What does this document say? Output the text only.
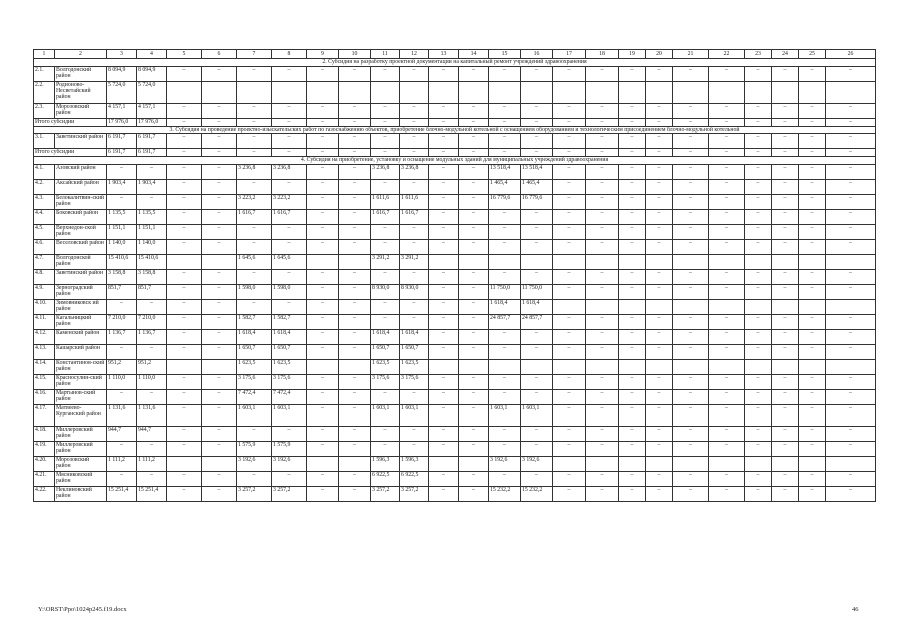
1	2	3	4	5	6	7	8	9	10	11	12	13	14	15	16	17	18	19	20	21	22	23	24	25	26
2. Субсидия на разработку проектной документации на капитальный ремонт учреждений здравоохранения																									
2.1.	Волгодонский район	8 094,9	8 094,9	–	–	–	–	–	–	–	–	–	–	–	–	–	–	–	–	–	–	–	–	–	–
2.2.	Родионово-Несветайский район	5 724,0	5 724,0																						
2.3.	Морозовский район	4 157,1	4 157,1	–	–	–	–	–	–	–	–	–	–	–	–	–	–	–	–	–	–	–	–	–	–
Итого субсидии		17 976,0	17 976,0	–	–	–	–	–	–	–	–	–	–	–	–	–	–	–	–	–	–	–	–	–	–
3. Субсидия на проведение проектно-изыскательских работ по газоснабжению объектов, приобретение блочно-модульной котельной с оснащением оборудованием и технологическим присоединением блочно-модульной котельной																									
3.1.	Заветинский район	6 191,7	6 191,7	–	–	–	–	–	–	–	–	–	–	–	–	–	–	–	–	–	–	–	–	–	–
Итого субсидии		6 191,7	6 191,7	–	–	–	–	–	–	–	–	–	–	–	–	–	–	–	–	–	–	–	–	–	–
4. Субсидия на приобретение, установку и оснащение модульных зданий для муниципальных учреждений здравоохранения																									
4.1.	Азовский район	–	–	–	–	3 236,8	3 236,8	–	–	3 236,8	3 236,8	–	–	13 518,4	13 518,4	–	–	–	–	–	–	–	–	–	–
4.2.	Аксайский район	1 903,4	1 903,4	–	–	–	–	–	–	–	–	–	–	1 465,4	1 465,4	–	–	–	–	–	–	–	–	–	–
4.3.	Белокалитвин-ский район	–	–	–	–	3 223,2	3 223,2	–	–	1 611,6	1 611,6	–	–	16 779,6	16 779,6	–	–	–	–	–	–	–	–	–	–
4.4.	Боковский район	1 135,5	1 135,5	–	–	1 616,7	1 616,7	–	–	1 616,7	1 616,7	–	–	–	–	–	–	–	–	–	–	–	–	–	–
4.5.	Верхнедон-ской район	1 151,1	1 151,1	–	–	–	–	–	–	–	–	–	–	–	–	–	–	–	–	–	–	–	–	–	–
4.6.	Веселовский район	1 140,0	1 140,0	–	–	–	–	–	–	–	–	–	–	–	–	–	–	–	–	–	–	–	–	–	–
4.7.	Волгодонской район	15 410,6	15 410,6			1 645,6	1 645,6			3 291,2	3 291,2														
4.8.	Заветинский район	3 158,8	3 158,8	–	–	–	–	–	–	–	–	–	–	–	–	–	–	–	–	–	–	–	–	–	–
4.9.	Зерноградский район	851,7	851,7	–	–	1 598,0	1 598,0	–	–	8 930,0	8 930,0	–	–	11 750,0	11 750,0	–	–	–	–	–	–	–	–	–	–
4.10.	Зимовниковск ий район	–	–	–	–	–	–	–	–	–	–	–	–	1 618,4	1 618,4										
4.11.	Кагальницкий район	7 210,0	7 210,0	–	–	1 582,7	1 582,7	–	–	–	–	–	–	24 857,7	24 857,7	–	–	–	–	–	–	–	–	–	–
4.12.	Каменский район	1 136,7	1 136,7	–	–	1 618,4	1 618,4	–	–	1 618,4	1 618,4	–	–	–	–	–	–	–	–	–	–	–	–	–	–
4.13.	Кашарский район	–	–	–	–	1 650,7	1 650,7	–	–	1 650,7	1 650,7	–	–	–	–	–	–	–	–	–	–	–	–	–	–
4.14.	Константинов-ский район	951,2	951,2			1 623,5	1 623,5			1 623,5	1 623,5														
4.15.	Красносулин-ский район	1 110,0	1 110,0	–	–	3 175,6	3 175,6	–	–	3 175,6	3 175,6	–	–	–	–	–	–	–	–	–	–	–	–	–	–
4.16.	Мартынов-ский район	–	–	–	–	7 472,4	7 472,4	–	–	–	–	–	–	–	–	–	–	–	–	–	–	–	–	–	–
4.17.	Матвеево-Курганский район	1 131,6	1 131,6	–	–	1 603,1	1 603,1	–	–	1 603,1	1 603,1	–	–	1 603,1	1 603,1	–	–	–	–	–	–	–	–	–	–
4.18.	Миллеровский район	944,7	944,7	–	–	–	–	–	–	–	–	–	–	–	–	–	–	–	–	–	–	–	–	–	–
4.19.	Миллеровский район	–	–	–	–	1 575,9	1 575,9	–	–	–	–	–	–	–	–	–	–	–	–	–	–	–	–	–	–
4.20.	Морозовский район	1 111,2	1 111,2			3 192,6	3 192,6			1 596,3	1 596,3			3 192,6	3 192,6										
4.21.	Мясниковский район	–	–	–	–	–	–	–	–	6 922,5	6 922,5	–	–	–	–	–	–	–	–	–	–	–	–	–	–
4.22.	Неклиновский район	15 251,4	15 251,4	–	–	3 257,2	3 257,2	–	–	3 257,2	3 257,2	–	–	15 232,2	15 232,2	–	–	–	–	–	–	–	–	–	–
Y:\ORST\Ppo\1024p245.f19.docx	46
